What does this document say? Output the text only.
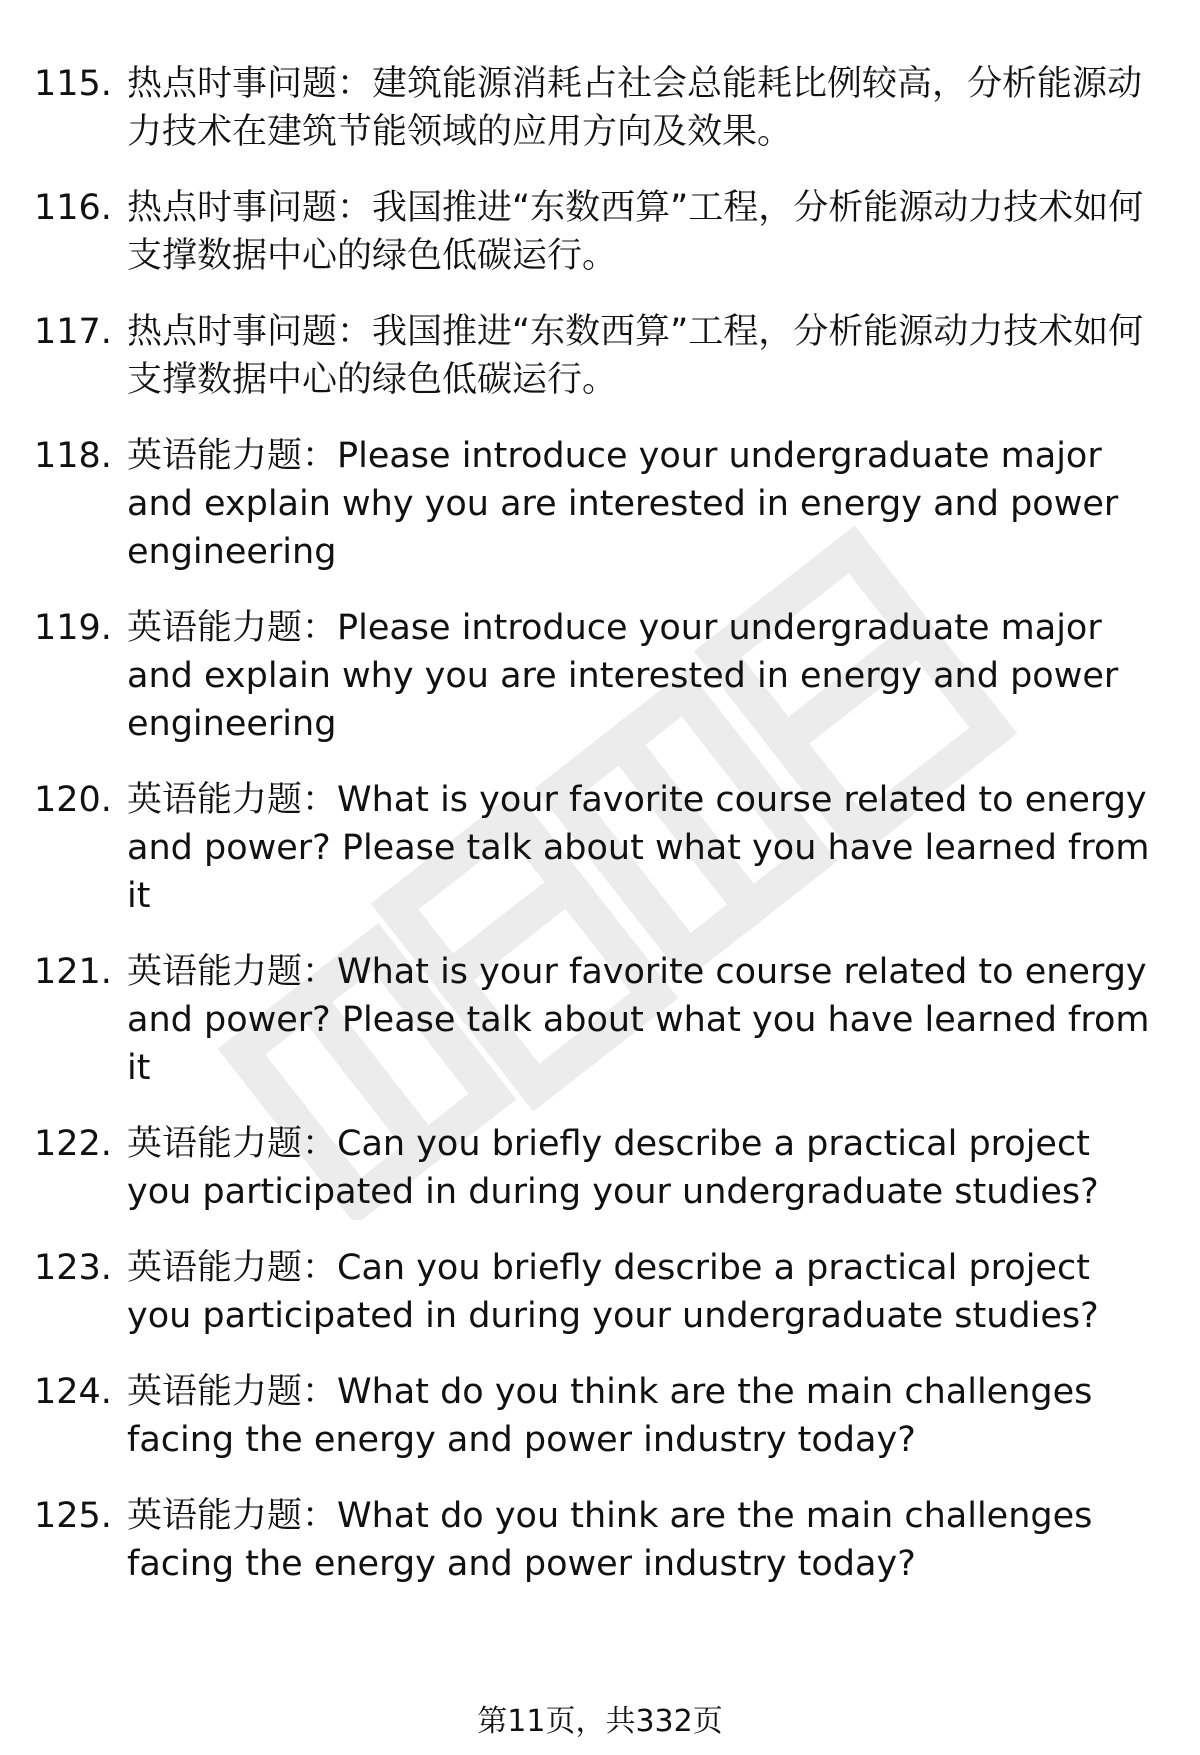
115. 热点时事问题：建筑能源消耗占社会总能耗比例较高，分析能源动力技术在建筑节能领域的应用方向及效果。
116. 热点时事问题：我国推进“东数西算”工程，分析能源动力技术如何支撑数据中心的绿色低碳运行。
117. 热点时事问题：我国推进“东数西算”工程，分析能源动力技术如何支撑数据中心的绿色低碳运行。
118. 英语能力题：Please introduce your undergraduate major and explain why you are interested in energy and power engineering
119. 英语能力题：Please introduce your undergraduate major and explain why you are interested in energy and power engineering
120. 英语能力题：What is your favorite course related to energy and power? Please talk about what you have learned from it
121. 英语能力题：What is your favorite course related to energy and power? Please talk about what you have learned from it
122. 英语能力题：Can you briefly describe a practical project you participated in during your undergraduate studies?
123. 英语能力题：Can you briefly describe a practical project you participated in during your undergraduate studies?
124. 英语能力题：What do you think are the main challenges facing the energy and power industry today?
125. 英语能力题：What do you think are the main challenges facing the energy and power industry today?
第11页，共332页
